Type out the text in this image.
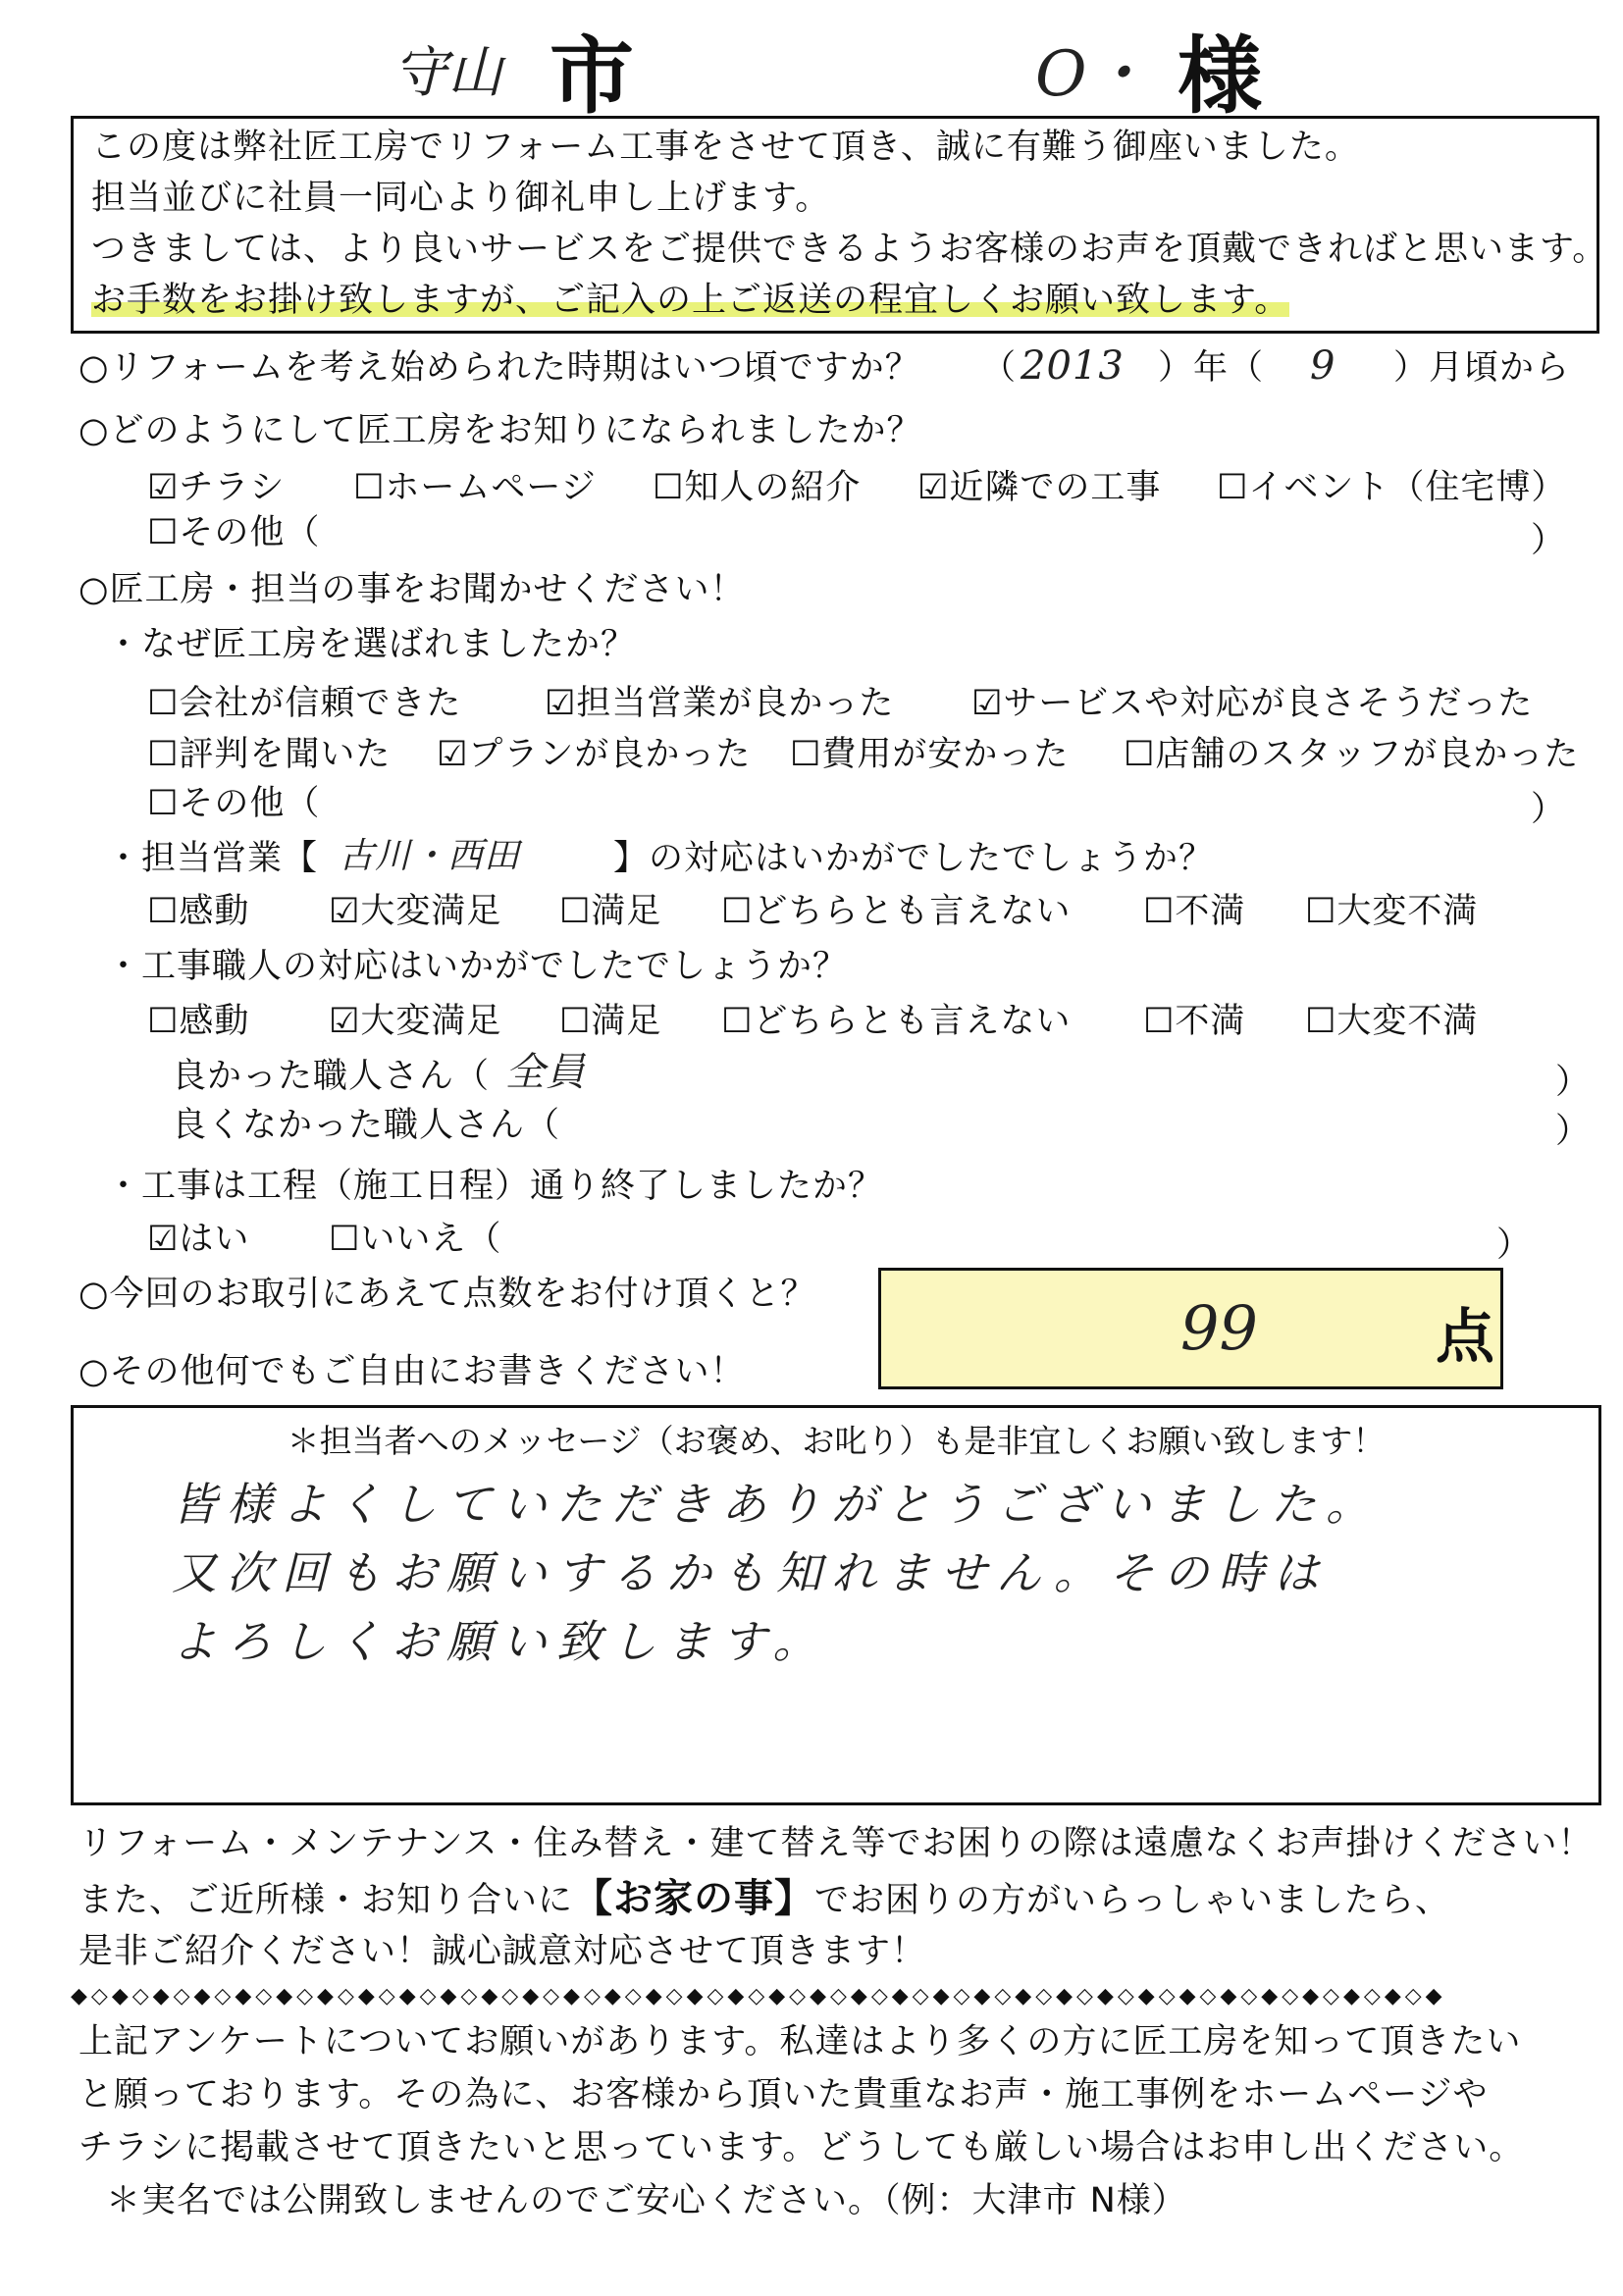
守山 市	O・ 様
この度は弊社匠工房でリフォーム工事をさせて頂き、誠に有難う御座いました。
担当並びに社員一同心より御礼申し上げます。
つきましては、より良いサービスをご提供できるようお客様のお声を頂戴できればと思います。
お手数をお掛け致しますが、ご記入の上ご返送の程宜しくお願い致します。
○リフォームを考え始められた時期はいつ頃ですか？ （ 2013 ）年（ 9 ）月頃から
○どのようにして匠工房をお知りになられましたか？
☑チラシ ☐ホームページ ☐知人の紹介 ☑近隣での工事 ☐イベント（住宅博）
☐その他（	）
○匠工房・担当の事をお聞かせください！
・なぜ匠工房を選ばれましたか？
☐会社が信頼できた ☑担当営業が良かった ☑サービスや対応が良さそうだった
☐評判を聞いた ☑プランが良かった ☐費用が安かった ☐店舗のスタッフが良かった
☐その他（	）
・担当営業【 古川・西田	】の対応はいかがでしたでしょうか？
☐感動 ☑大変満足 ☐満足 ☐どちらとも言えない ☐不満 ☐大変不満
・工事職人の対応はいかがでしたでしょうか？
☐感動 ☑大変満足 ☐満足 ☐どちらとも言えない ☐不満 ☐大変不満
良かった職人さん（ 全員	）
良くなかった職人さん（	）
・工事は工程（施工日程）通り終了しましたか？
☑はい ☐いいえ（	）
○今回のお取引にあえて点数をお付け頂くと？	99	点
○その他何でもご自由にお書きください！
＊担当者へのメッセージ（お褒め、お叱り）も是非宜しくお願い致します！
皆様よくしていただきありがとうございました。
又次回もお願いするかも知れません。その時は
よろしくお願い致します。
リフォーム・メンテナンス・住み替え・建て替え等でお困りの際は遠慮なくお声掛けください！
また、ご近所様・お知り合いに【お家の事】でお困りの方がいらっしゃいましたら、
是非ご紹介ください！誠心誠意対応させて頂きます！
◆◇◆◇◆◇◆◇◆◇◆◇◆◇◆◇◆◇◆◇◆◇◆◇◆◇◆◇◆◇◆◇◆◇◆◇◆◇◆◇◆◇◆◇◆◇◆◇◆◇◆◇◆◇◆◇◆◇◆◇◆◇◆◇◆◇◆
上記アンケートについてお願いがあります。私達はより多くの方に匠工房を知って頂きたい
と願っております。その為に、お客様から頂いた貴重なお声・施工事例をホームページや
チラシに掲載させて頂きたいと思っています。どうしても厳しい場合はお申し出ください。
＊実名では公開致しませんのでご安心ください。（例：大津市 N様）
